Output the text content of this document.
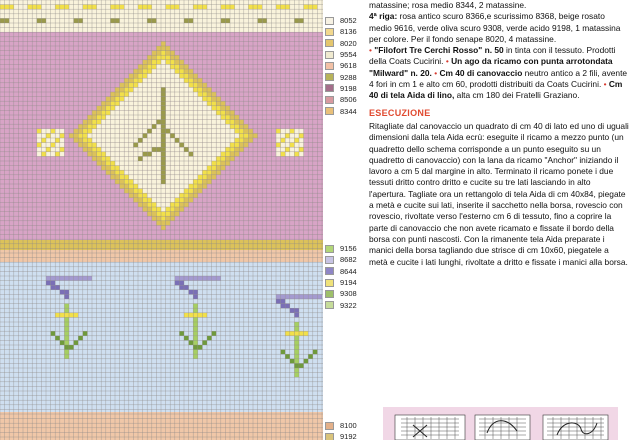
8052
8136
8020
9554
9618
9288
9198
8506
8344
9156
8682
8644
9194
9308
9322
8100
9192

matassine; rosa medio 8344, 2 matassine.
4ª riga: rosa antico scuro 8366,e scurissimo 8368, beige rosato medio 9616, verde oliva scuro 9308, verde acido 9198, 1 matassina per colore. Per il fondo senape 8020, 4 matassine.
• "Filofort Tre Cerchi Rosso" n. 50 in tinta con il tessuto. Prodotti della Coats Cucirini. • Un ago da ricamo con punta arrotondata "Milward" n. 20. • Cm 40 di canovaccio neutro antico a 2 fili, avente 4 fori in cm 1 e alto cm 60, prodotti distribuiti da Coats Cucirini. • Cm 40 di tela Aida di lino, alta cm 180 dei Fratelli Graziano.

ESECUZIONE

Ritagliate dal canovaccio un quadrato di cm 40 di lato ed uno di uguali dimensioni dalla tela Aida ecrù: eseguite il ricamo a mezzo punto (un quadretto dello schema corrisponde a un punto eseguito su un quadretto di canovaccio) con la lana da ricamo "Anchor" iniziando il lavoro a cm 5 dal margine in alto. Terminato il ricamo ponete i due tessuti dritto contro dritto e cucite su tre lati lasciando in alto l'apertura. Tagliate ora un rettangolo di tela Aida di cm 40x84, piegate a metà e cucite sui lati, inserite il sacchetto nella borsa, rovescio con rovescio, rivoltate verso l'esterno cm 6 di tessuto, fino a coprire la parte di canovaccio che non avete ricamato e fissate il bordo della borsa con punti nascosti. Con la rimanente tela Aida preparate i manici della borsa tagliando due strisce di cm 10x60, piegatele a metà e cucite i lati lunghi, rivoltate a dritto e fissate i manici alla borsa.
